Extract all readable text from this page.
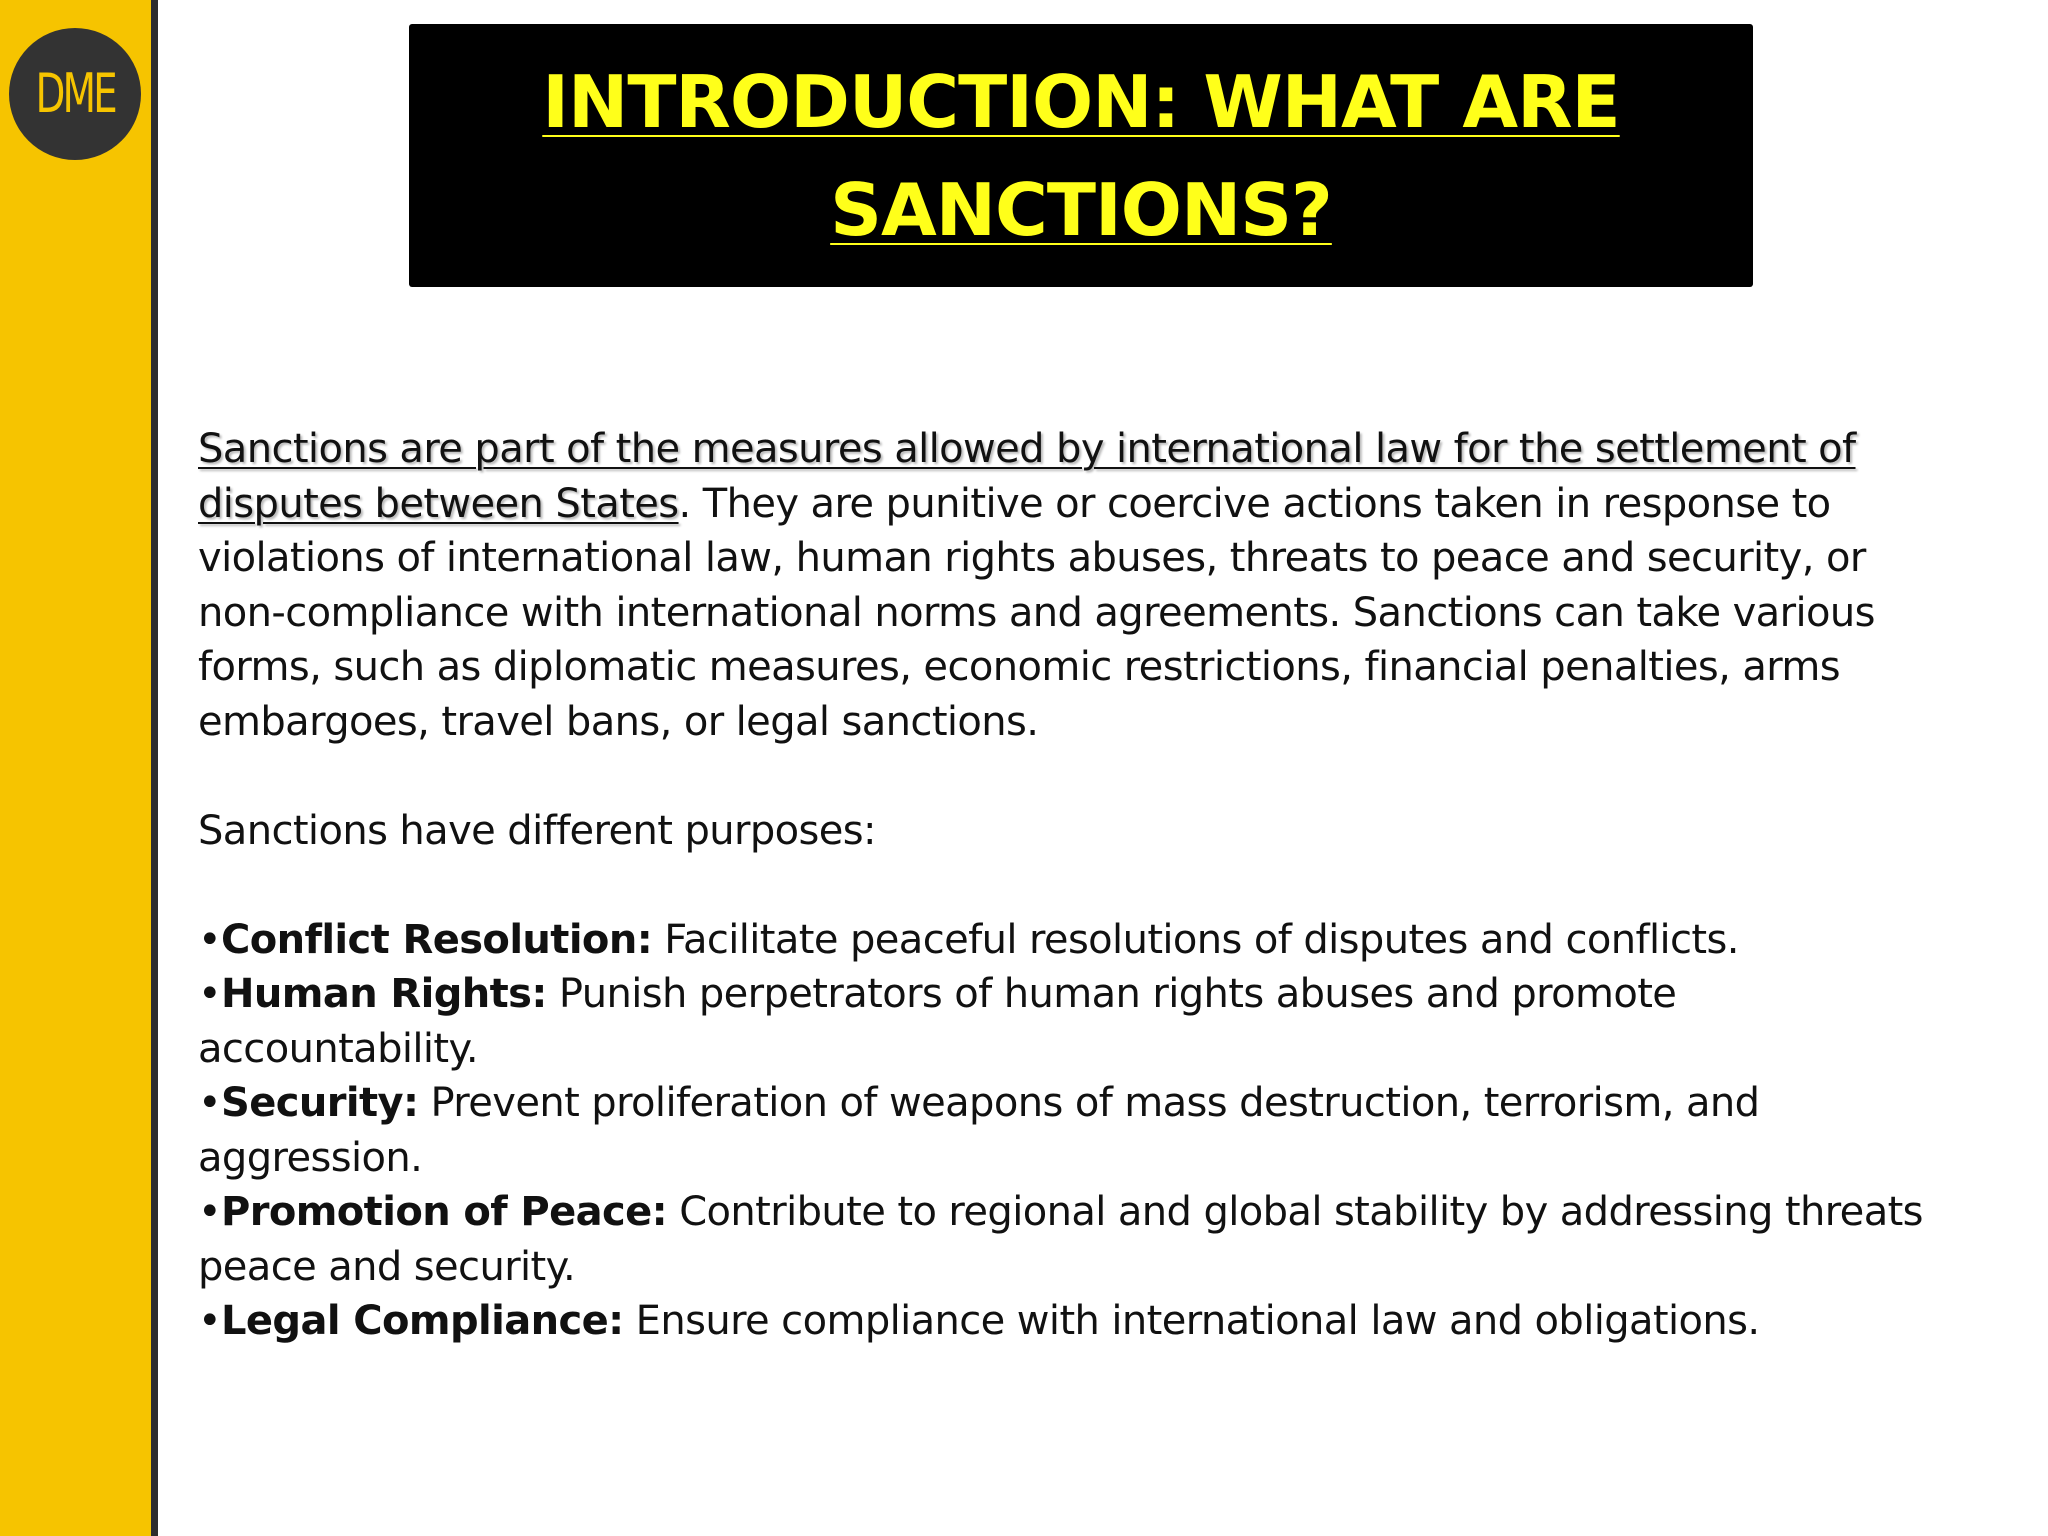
DME	INTRODUCTION: WHAT ARE SANCTIONS?

Sanctions are part of the measures allowed by international law for the settlement of disputes between States. They are punitive or coercive actions taken in response to violations of international law, human rights abuses, threats to peace and security, or non-compliance with international norms and agreements. Sanctions can take various forms, such as diplomatic measures, economic restrictions, financial penalties, arms embargoes, travel bans, or legal sanctions.

Sanctions have different purposes:

•Conflict Resolution: Facilitate peaceful resolutions of disputes and conflicts.

•Human Rights: Punish perpetrators of human rights abuses and promote accountability.

•Security: Prevent proliferation of weapons of mass destruction, terrorism, and aggression.

•Promotion of Peace: Contribute to regional and global stability by addressing threats peace and security.

•Legal Compliance: Ensure compliance with international law and obligations.
